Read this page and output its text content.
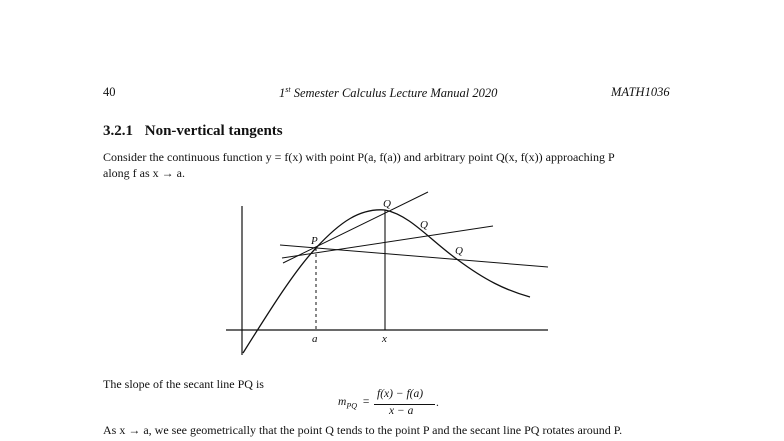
40	1st Semester Calculus Lecture Manual 2020	MATH1036
3.2.1 Non-vertical tangents
Consider the continuous function y = f(x) with point P(a, f(a)) and arbitrary point Q(x, f(x)) approaching P
along f as x → a.
P
Q
Q
Q
a	x
The slope of the secant line PQ is
$m_{PQ}$ =
f(x) − f(a)
x − a
.
As x → a, we see geometrically that the point Q tends to the point P and the secant line PQ rotates around P.
